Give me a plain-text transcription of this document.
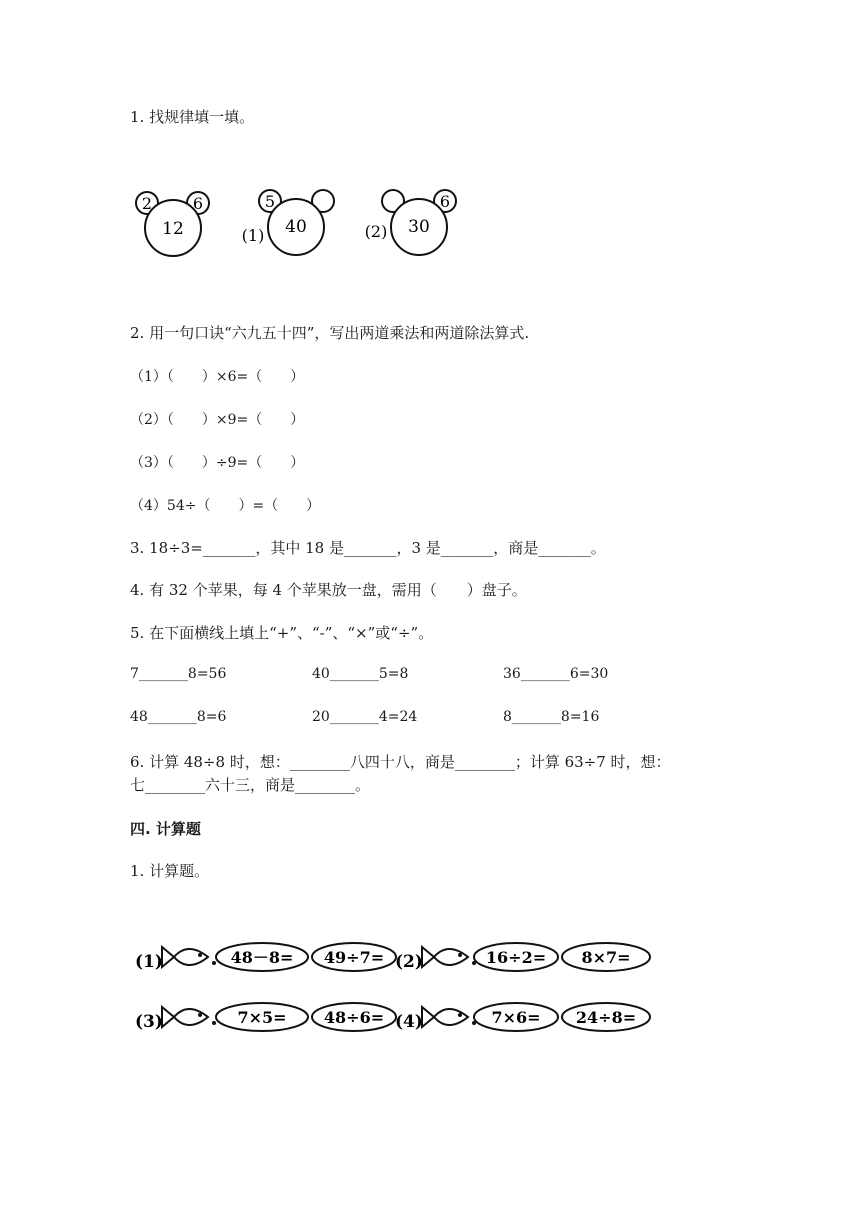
1. 找规律填一填。
2	6
12
5
40
(1)
6
30
(2)
2. 用一句口诀“六九五十四”，写出两道乘法和两道除法算式.
（1）（　　）×6=（　　）
（2）（　　）×9=（　　）
（3）（　　）÷9=（　　）
（4）54÷（　　）=（　　）
3. 18÷3=_______，其中 18 是_______，3 是_______，商是_______。
4. 有 32 个苹果，每 4 个苹果放一盘，需用（　　）盘子。
5. 在下面横线上填上“+”、“-”、“×”或“÷”。
7_______8=56	40_______5=8	36_______6=30
48_______8=6	20_______4=24	8_______8=16
6. 计算 48÷8 时，想：________八四十八，商是________；计算 63÷7 时，想：
七________六十三，商是________。
四. 计算题
1. 计算题。
(1)	48－8= 49÷7= (2)	16÷2= 8×7=
(3)	7×5= 48÷6= (4)	7×6= 24÷8=
